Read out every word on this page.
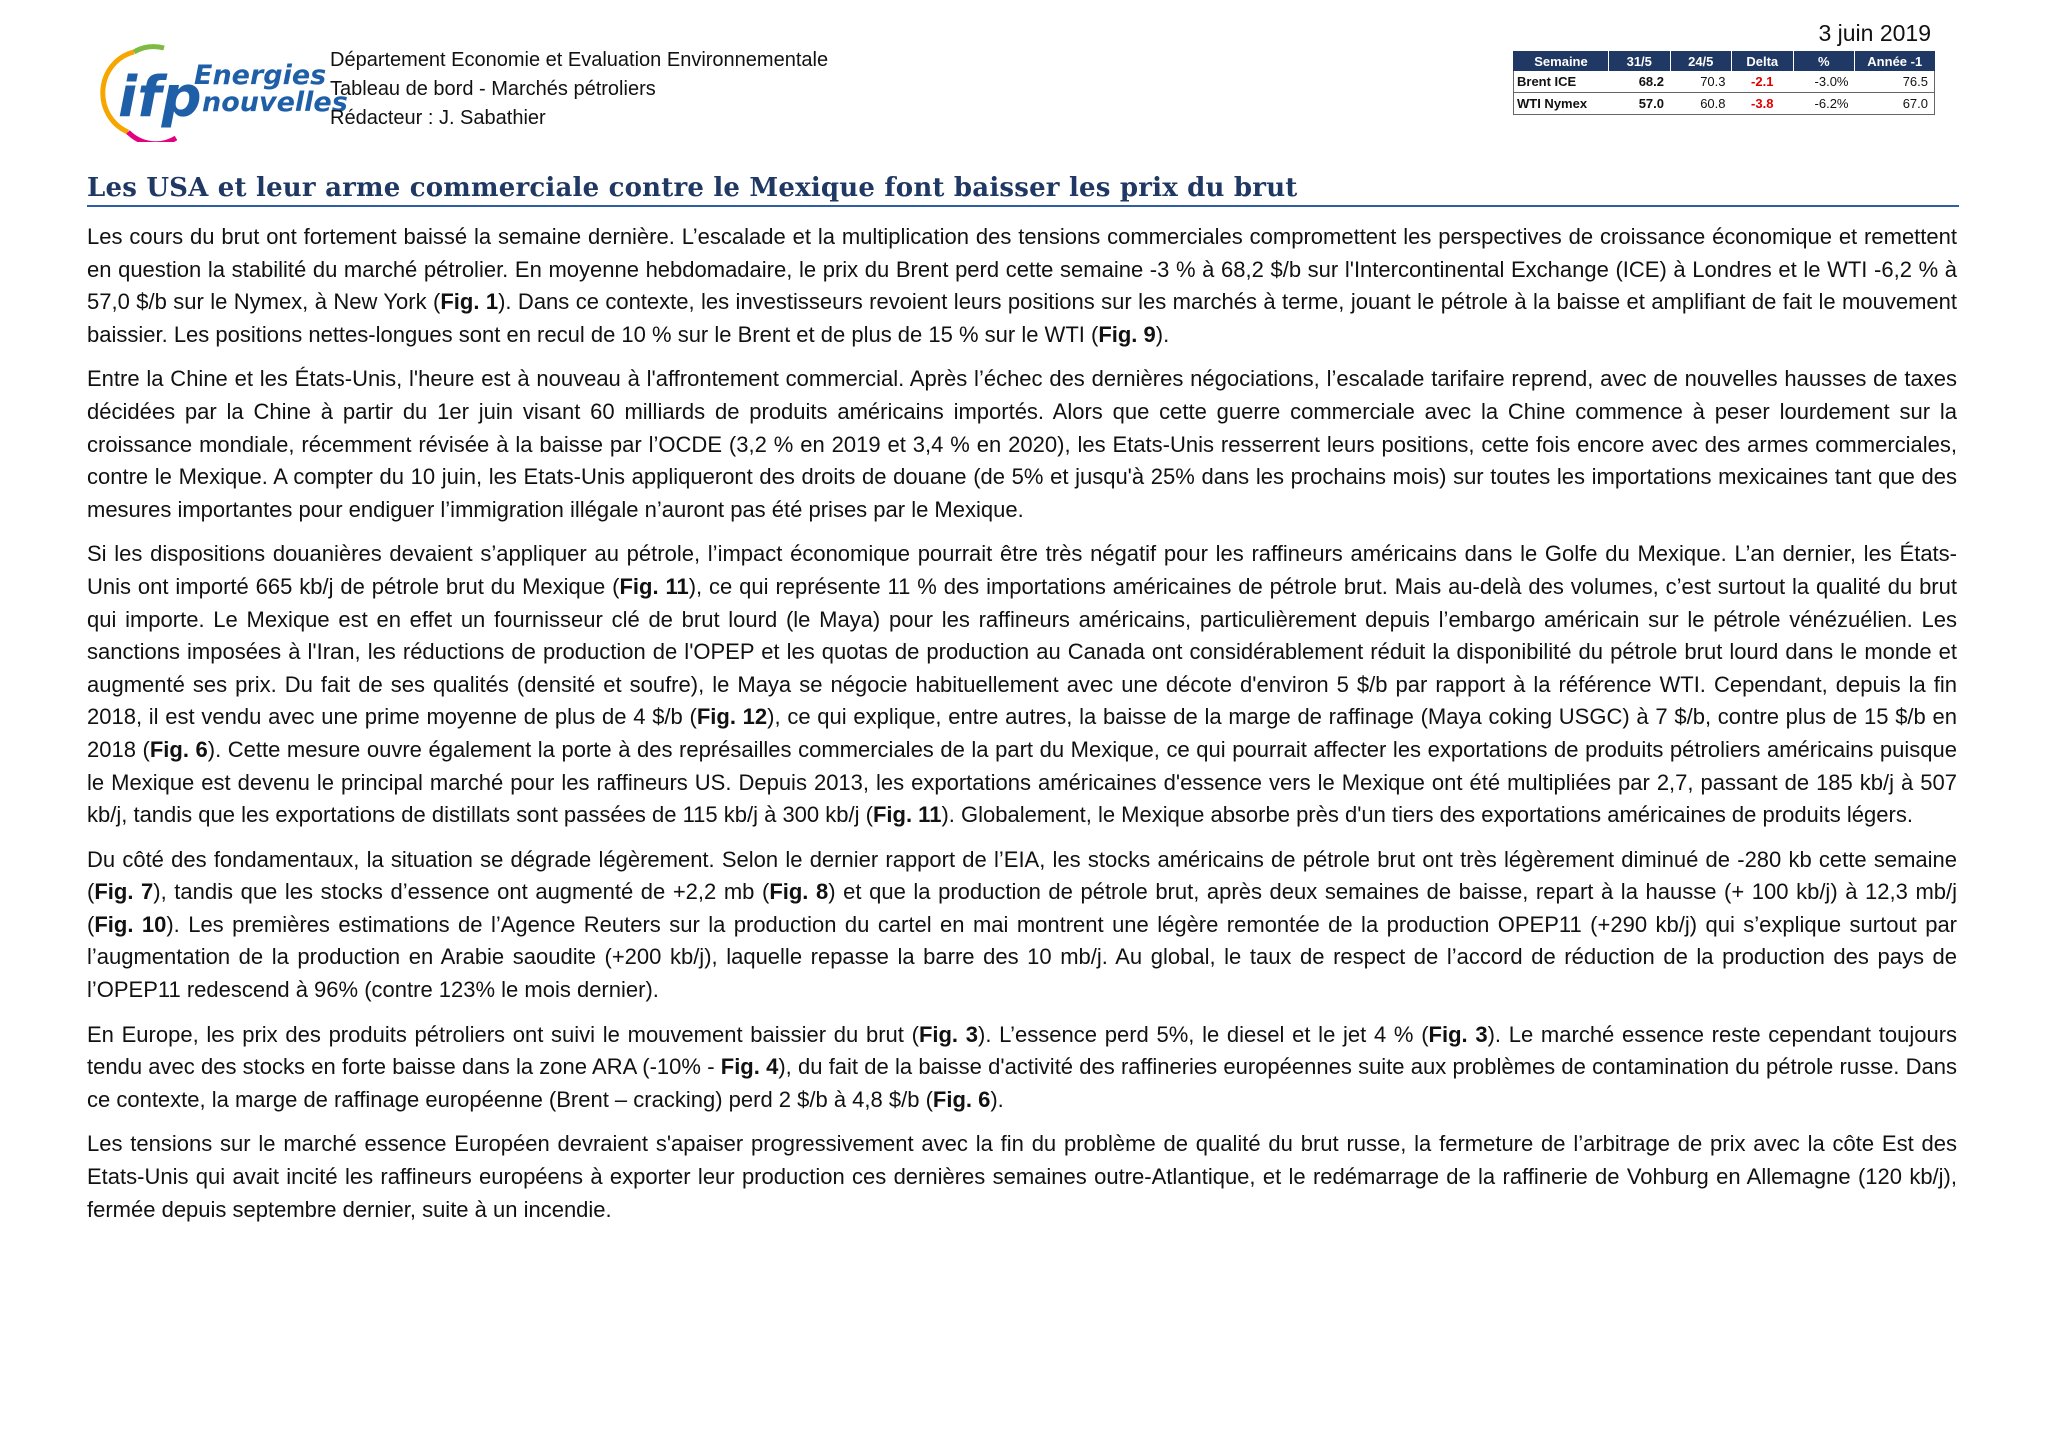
ifp
Energies
nouvelles
Département Economie et Evaluation Environnementale
Tableau de bord - Marchés pétroliers
Rédacteur : J. Sabathier
3 juin 2019
Semaine	31/5	24/5	Delta	%	Année -1
Brent ICE	68.2	70.3	-2.1	-3.0%	76.5
WTI Nymex	57.0	60.8	-3.8	-6.2%	67.0
Les USA et leur arme commerciale contre le Mexique font baisser les prix du brut

Les cours du brut ont fortement baissé la semaine dernière. L’escalade et la multiplication des tensions commerciales compromettent les perspectives de croissance économique et remettent en question la stabilité du marché pétrolier. En moyenne hebdomadaire, le prix du Brent perd cette semaine -3 % à 68,2 $/b sur l'Intercontinental Exchange (ICE) à Londres et le WTI -6,2 % à 57,0 $/b sur le Nymex, à New York (Fig. 1). Dans ce contexte, les investisseurs revoient leurs positions sur les marchés à terme, jouant le pétrole à la baisse et amplifiant de fait le mouvement baissier. Les positions nettes-longues sont en recul de 10 % sur le Brent et de plus de 15 % sur le WTI (Fig. 9).

Entre la Chine et les États-Unis, l'heure est à nouveau à l'affrontement commercial. Après l’échec des dernières négociations, l’escalade tarifaire reprend, avec de nouvelles hausses de taxes décidées par la Chine à partir du 1er juin visant 60 milliards de produits américains importés. Alors que cette guerre commerciale avec la Chine commence à peser lourdement sur la croissance mondiale, récemment révisée à la baisse par l’OCDE (3,2 % en 2019 et 3,4 % en 2020), les Etats-Unis resserrent leurs positions, cette fois encore avec des armes commerciales, contre le Mexique. A compter du 10 juin, les Etats-Unis appliqueront des droits de douane (de 5% et jusqu'à 25% dans les prochains mois) sur toutes les importations mexicaines tant que des mesures importantes pour endiguer l’immigration illégale n’auront pas été prises par le Mexique.

Si les dispositions douanières devaient s’appliquer au pétrole, l’impact économique pourrait être très négatif pour les raffineurs américains dans le Golfe du Mexique. L’an dernier, les États-Unis ont importé 665 kb/j de pétrole brut du Mexique (Fig. 11), ce qui représente 11 % des importations américaines de pétrole brut. Mais au-delà des volumes, c’est surtout la qualité du brut qui importe. Le Mexique est en effet un fournisseur clé de brut lourd (le Maya) pour les raffineurs américains, particulièrement depuis l’embargo américain sur le pétrole vénézuélien. Les sanctions imposées à l'Iran, les réductions de production de l'OPEP et les quotas de production au Canada ont considérablement réduit la disponibilité du pétrole brut lourd dans le monde et augmenté ses prix. Du fait de ses qualités (densité et soufre), le Maya se négocie habituellement avec une décote d'environ 5 $/b par rapport à la référence WTI. Cependant, depuis la fin 2018, il est vendu avec une prime moyenne de plus de 4 $/b (Fig. 12), ce qui explique, entre autres, la baisse de la marge de raffinage (Maya coking USGC) à 7 $/b, contre plus de 15 $/b en 2018 (Fig. 6). Cette mesure ouvre également la porte à des représailles commerciales de la part du Mexique, ce qui pourrait affecter les exportations de produits pétroliers américains puisque le Mexique est devenu le principal marché pour les raffineurs US. Depuis 2013, les exportations américaines d'essence vers le Mexique ont été multipliées par 2,7, passant de 185 kb/j à 507 kb/j, tandis que les exportations de distillats sont passées de 115 kb/j à 300 kb/j (Fig. 11). Globalement, le Mexique absorbe près d'un tiers des exportations américaines de produits légers.

Du côté des fondamentaux, la situation se dégrade légèrement. Selon le dernier rapport de l’EIA, les stocks américains de pétrole brut ont très légèrement diminué de -280 kb cette semaine (Fig. 7), tandis que les stocks d’essence ont augmenté de +2,2 mb (Fig. 8) et que la production de pétrole brut, après deux semaines de baisse, repart à la hausse (+ 100 kb/j) à 12,3 mb/j (Fig. 10). Les premières estimations de l’Agence Reuters sur la production du cartel en mai montrent une légère remontée de la production OPEP11 (+290 kb/j) qui s’explique surtout par l’augmentation de la production en Arabie saoudite (+200 kb/j), laquelle repasse la barre des 10 mb/j. Au global, le taux de respect de l’accord de réduction de la production des pays de l’OPEP11 redescend à 96% (contre 123% le mois dernier).

En Europe, les prix des produits pétroliers ont suivi le mouvement baissier du brut (Fig. 3). L’essence perd 5%, le diesel et le jet 4 % (Fig. 3). Le marché essence reste cependant toujours tendu avec des stocks en forte baisse dans la zone ARA (-10% - Fig. 4), du fait de la baisse d'activité des raffineries européennes suite aux problèmes de contamination du pétrole russe. Dans ce contexte, la marge de raffinage européenne (Brent – cracking) perd 2 $/b à 4,8 $/b (Fig. 6).

Les tensions sur le marché essence Européen devraient s'apaiser progressivement avec la fin du problème de qualité du brut russe, la fermeture de l’arbitrage de prix avec la côte Est des Etats-Unis qui avait incité les raffineurs européens à exporter leur production ces dernières semaines outre-Atlantique, et le redémarrage de la raffinerie de Vohburg en Allemagne (120 kb/j), fermée depuis septembre dernier, suite à un incendie.
